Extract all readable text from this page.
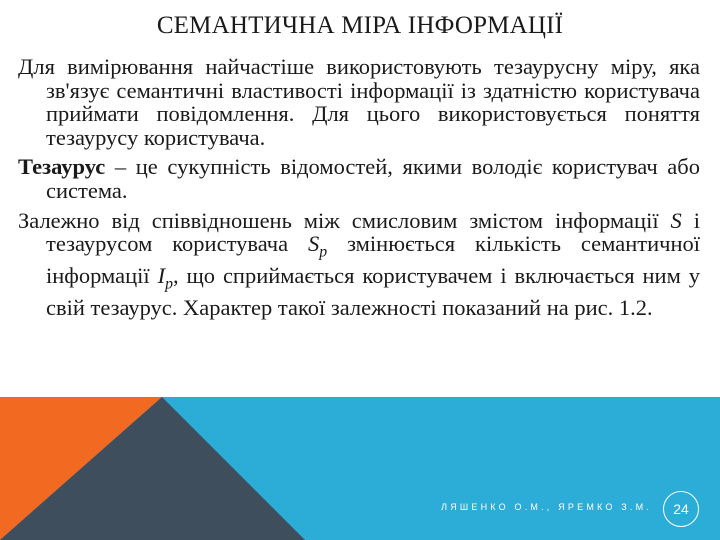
СЕМАНТИЧНА МІРА ІНФОРМАЦІЇ

Для вимірювання найчастіше використовують тезаурусну міру, яка зв'язує семантичні властивості інформації із здатністю користувача приймати повідомлення. Для цього використовується поняття тезаурусу користувача.

Тезаурус – це сукупність відомостей, якими володіє користувач або система.

Залежно від співвідношень між смисловим змістом інформації S і тезаурусом користувача $S_p$ змінюється кількість семантичної інформації $I_p$, що сприймається користувачем і включається ним у свій тезаурус. Характер такої залежності показаний на рис. 1.2.

ЛЯШЕНКО О.М., ЯРЕМКО З.М.	24
